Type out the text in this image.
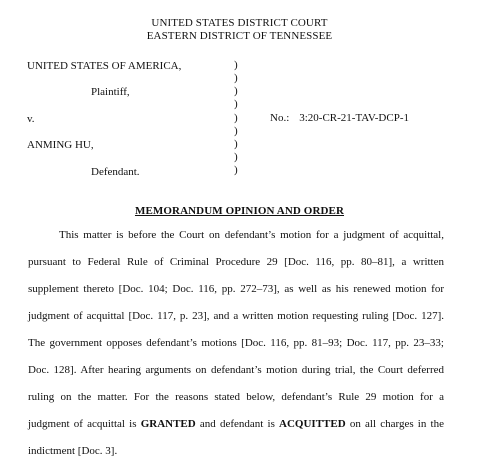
UNITED STATES DISTRICT COURT
EASTERN DISTRICT OF TENNESSEE
UNITED STATES OF AMERICA,
Plaintiff,
v.
ANMING HU,
Defendant.
)
)
)
)
)
)
)
)
)
No.: 3:20-CR-21-TAV-DCP-1
MEMORANDUM OPINION AND ORDER
This matter is before the Court on defendant’s motion for a judgment of acquittal,
pursuant to Federal Rule of Criminal Procedure 29 [Doc. 116, pp. 80–81], a written
supplement thereto [Doc. 104; Doc. 116, pp. 272–73], as well as his renewed motion for
judgment of acquittal [Doc. 117, p. 23], and a written motion requesting ruling [Doc. 127].
The government opposes defendant’s motions [Doc. 116, pp. 81–93; Doc. 117, pp. 23–33;
Doc. 128]. After hearing arguments on defendant’s motion during trial, the Court deferred
ruling on the matter. For the reasons stated below, defendant’s Rule 29 motion for a
judgment of acquittal is GRANTED and defendant is ACQUITTED on all charges in the
indictment [Doc. 3].
